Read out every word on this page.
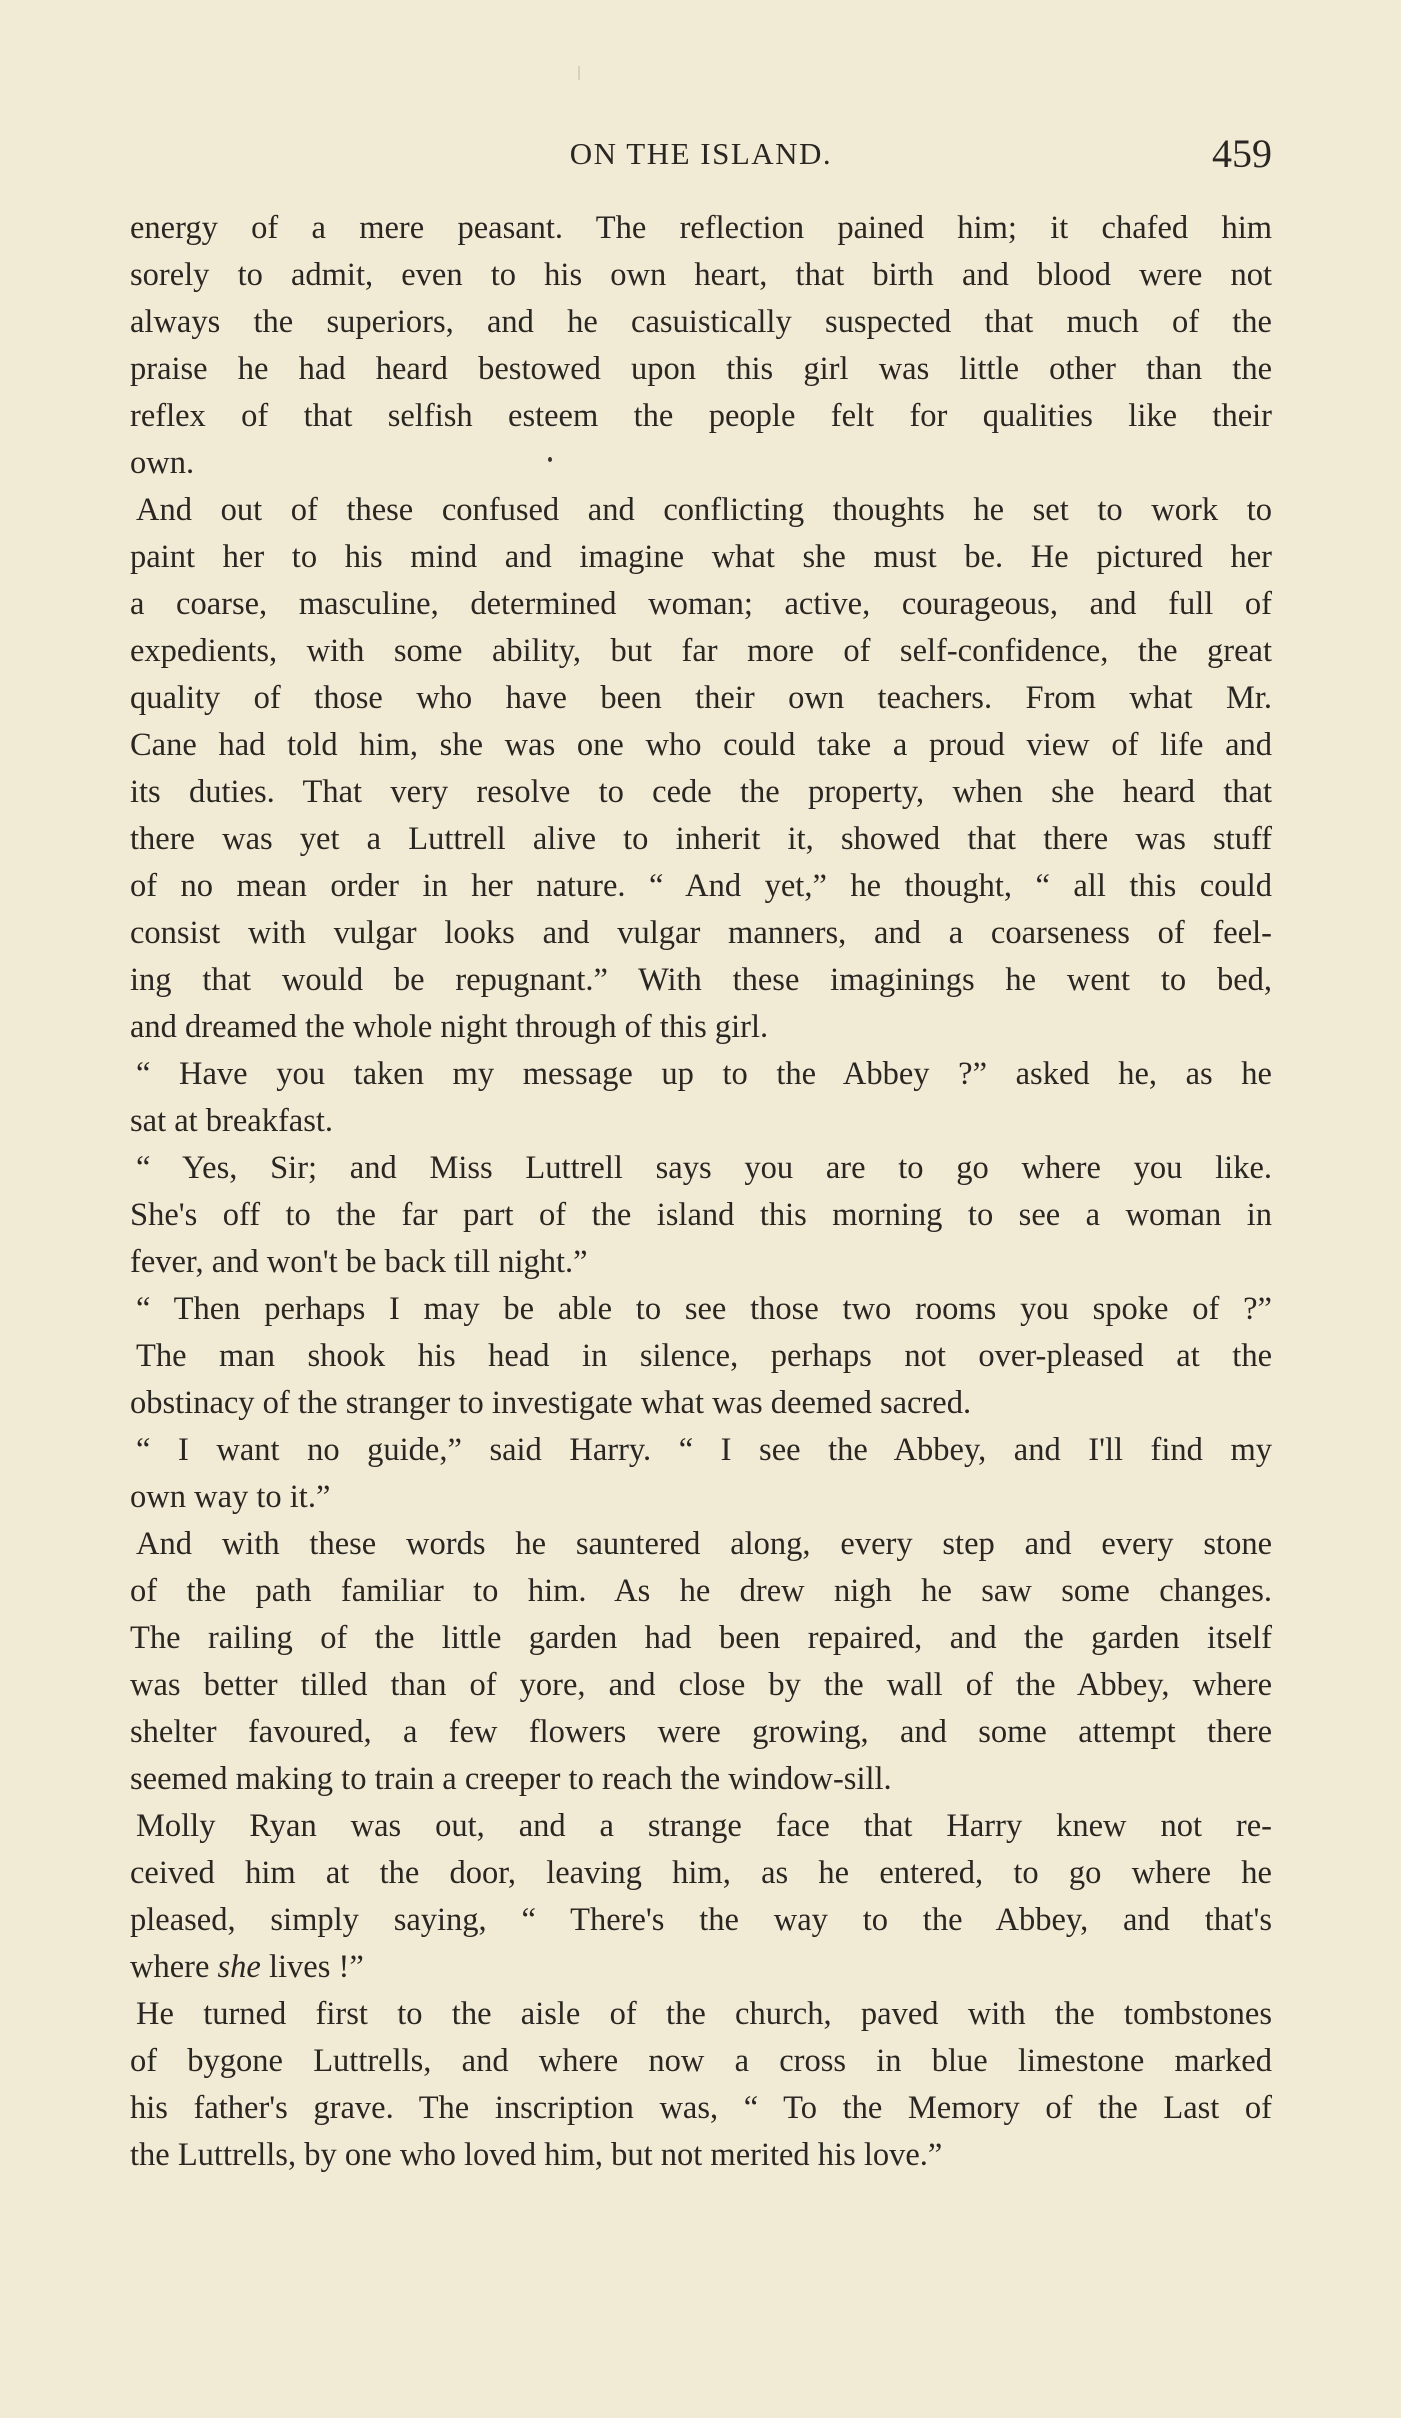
ON THE ISLAND.	459
energy of a mere peasant. The reflection pained him; it chafed him
sorely to admit, even to his own heart, that birth and blood were not
always the superiors, and he casuistically suspected that much of the
praise he had heard bestowed upon this girl was little other than the
reflex of that selfish esteem the people felt for qualities like their
own.
And out of these confused and conflicting thoughts he set to work to
paint her to his mind and imagine what she must be. He pictured her
a coarse, masculine, determined woman; active, courageous, and full of
expedients, with some ability, but far more of self-confidence, the great
quality of those who have been their own teachers. From what Mr.
Cane had told him, she was one who could take a proud view of life and
its duties. That very resolve to cede the property, when she heard that
there was yet a Luttrell alive to inherit it, showed that there was stuff
of no mean order in her nature. “ And yet,” he thought, “ all this could
consist with vulgar looks and vulgar manners, and a coarseness of feel-
ing that would be repugnant.” With these imaginings he went to bed,
and dreamed the whole night through of this girl.
“ Have you taken my message up to the Abbey ?” asked he, as he
sat at breakfast.
“ Yes, Sir; and Miss Luttrell says you are to go where you like.
She's off to the far part of the island this morning to see a woman in
fever, and won't be back till night.”
“ Then perhaps I may be able to see those two rooms you spoke of ?”
The man shook his head in silence, perhaps not over-pleased at the
obstinacy of the stranger to investigate what was deemed sacred.
“ I want no guide,” said Harry. “ I see the Abbey, and I'll find my
own way to it.”
And with these words he sauntered along, every step and every stone
of the path familiar to him. As he drew nigh he saw some changes.
The railing of the little garden had been repaired, and the garden itself
was better tilled than of yore, and close by the wall of the Abbey, where
shelter favoured, a few flowers were growing, and some attempt there
seemed making to train a creeper to reach the window-sill.
Molly Ryan was out, and a strange face that Harry knew not re-
ceived him at the door, leaving him, as he entered, to go where he
pleased, simply saying, “ There's the way to the Abbey, and that's
where she lives !”
He turned first to the aisle of the church, paved with the tombstones
of bygone Luttrells, and where now a cross in blue limestone marked
his father's grave. The inscription was, “ To the Memory of the Last of
the Luttrells, by one who loved him, but not merited his love.”
